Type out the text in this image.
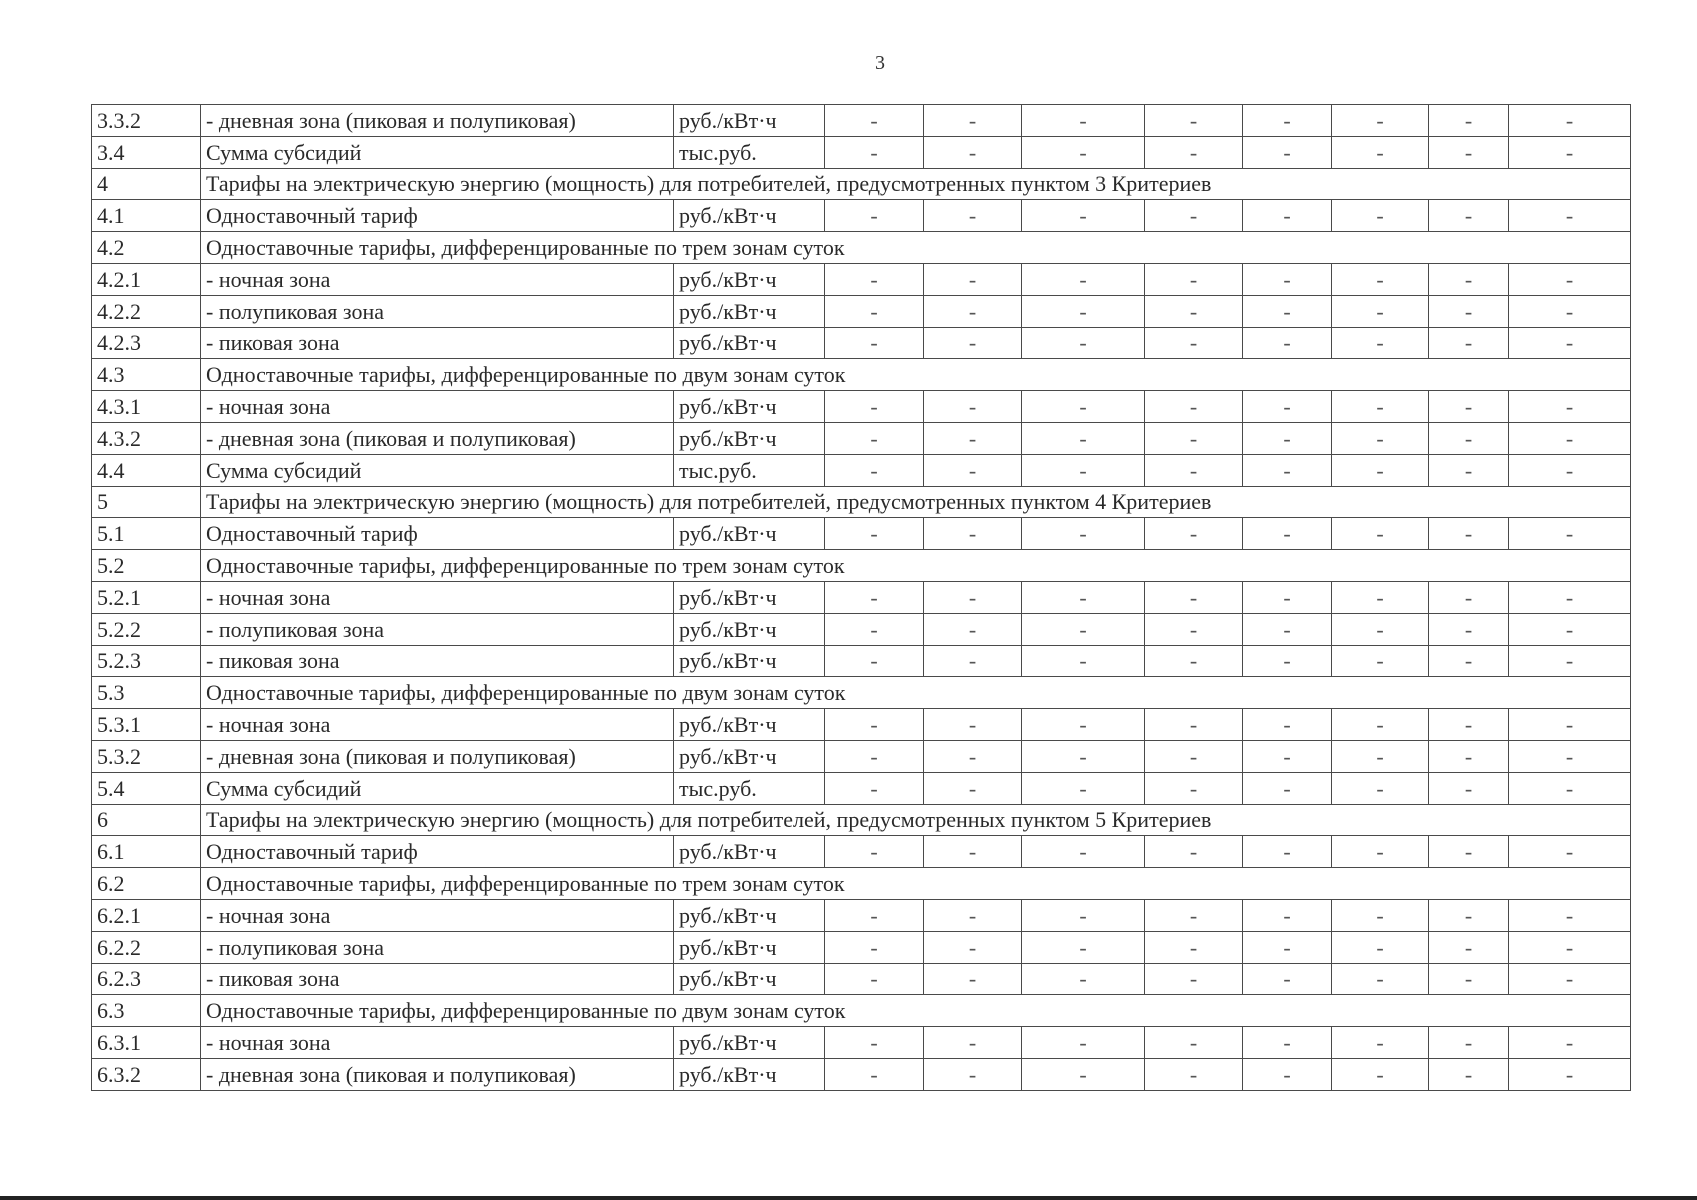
3
3.3.2	- дневная зона (пиковая и полупиковая)	руб./кВт·ч	-	-	-	-	-	-	-	-
3.4	Сумма субсидий	тыс.руб.	-	-	-	-	-	-	-	-
4	Тарифы на электрическую энергию (мощность) для потребителей, предусмотренных пунктом 3 Критериев									
4.1	Одноставочный тариф	руб./кВт·ч	-	-	-	-	-	-	-	-
4.2	Одноставочные тарифы, дифференцированные по трем зонам суток									
4.2.1	- ночная зона	руб./кВт·ч	-	-	-	-	-	-	-	-
4.2.2	- полупиковая зона	руб./кВт·ч	-	-	-	-	-	-	-	-
4.2.3	- пиковая зона	руб./кВт·ч	-	-	-	-	-	-	-	-
4.3	Одноставочные тарифы, дифференцированные по двум зонам суток									
4.3.1	- ночная зона	руб./кВт·ч	-	-	-	-	-	-	-	-
4.3.2	- дневная зона (пиковая и полупиковая)	руб./кВт·ч	-	-	-	-	-	-	-	-
4.4	Сумма субсидий	тыс.руб.	-	-	-	-	-	-	-	-
5	Тарифы на электрическую энергию (мощность) для потребителей, предусмотренных пунктом 4 Критериев									
5.1	Одноставочный тариф	руб./кВт·ч	-	-	-	-	-	-	-	-
5.2	Одноставочные тарифы, дифференцированные по трем зонам суток									
5.2.1	- ночная зона	руб./кВт·ч	-	-	-	-	-	-	-	-
5.2.2	- полупиковая зона	руб./кВт·ч	-	-	-	-	-	-	-	-
5.2.3	- пиковая зона	руб./кВт·ч	-	-	-	-	-	-	-	-
5.3	Одноставочные тарифы, дифференцированные по двум зонам суток									
5.3.1	- ночная зона	руб./кВт·ч	-	-	-	-	-	-	-	-
5.3.2	- дневная зона (пиковая и полупиковая)	руб./кВт·ч	-	-	-	-	-	-	-	-
5.4	Сумма субсидий	тыс.руб.	-	-	-	-	-	-	-	-
6	Тарифы на электрическую энергию (мощность) для потребителей, предусмотренных пунктом 5 Критериев									
6.1	Одноставочный тариф	руб./кВт·ч	-	-	-	-	-	-	-	-
6.2	Одноставочные тарифы, дифференцированные по трем зонам суток									
6.2.1	- ночная зона	руб./кВт·ч	-	-	-	-	-	-	-	-
6.2.2	- полупиковая зона	руб./кВт·ч	-	-	-	-	-	-	-	-
6.2.3	- пиковая зона	руб./кВт·ч	-	-	-	-	-	-	-	-
6.3	Одноставочные тарифы, дифференцированные по двум зонам суток									
6.3.1	- ночная зона	руб./кВт·ч	-	-	-	-	-	-	-	-
6.3.2	- дневная зона (пиковая и полупиковая)	руб./кВт·ч	-	-	-	-	-	-	-	-
